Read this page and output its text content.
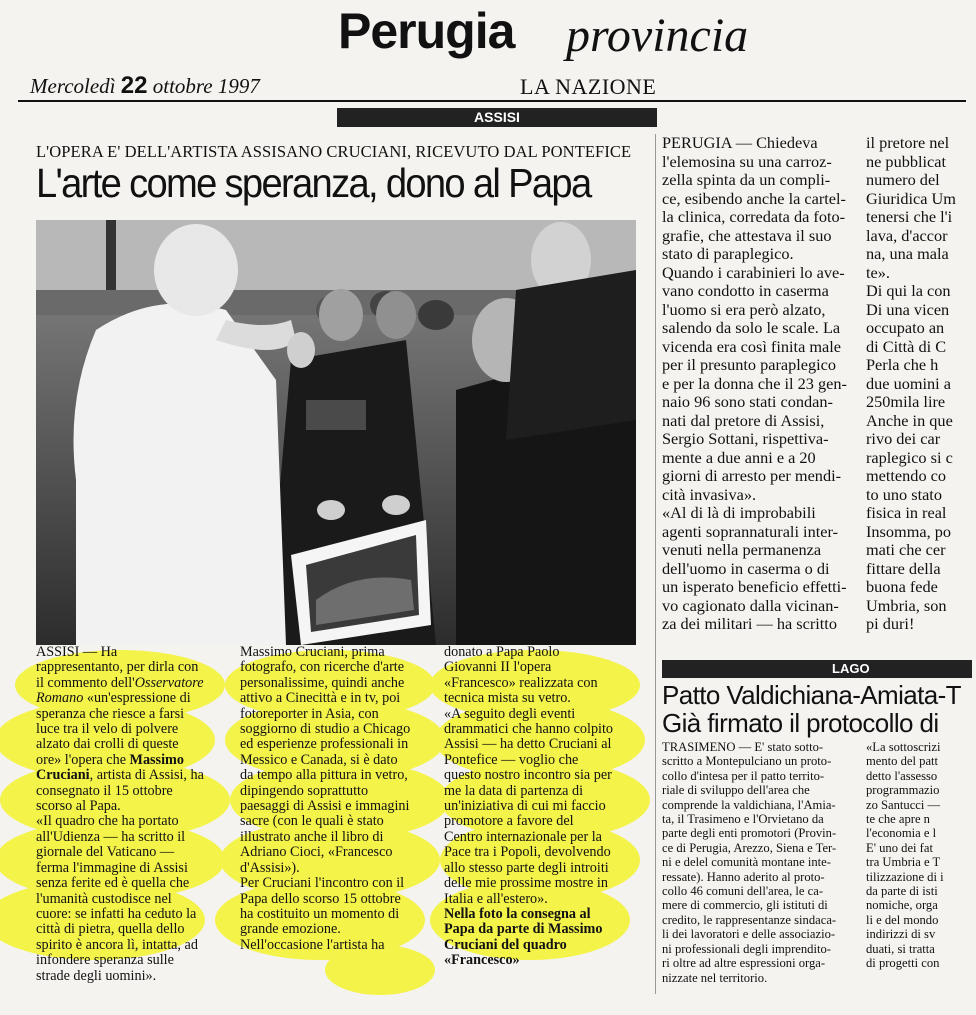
Perugia provincia
Mercoledì 22 ottobre 1997	LA NAZIONE
ASSISI
L'OPERA E' DELL'ARTISTA ASSISANO CRUCIANI, RICEVUTO DAL PONTEFICE
L'arte come speranza, dono al Papa

ASSISI — Ha

rappresentanto, per dirla con

il commento dell'Osservatore

Romano «un'espressione di

speranza che riesce a farsi

luce tra il velo di polvere

alzato dai crolli di queste

ore» l'opera che Massimo

Cruciani, artista di Assisi, ha

consegnato il 15 ottobre

scorso al Papa.

«Il quadro che ha portato

all'Udienza — ha scritto il

giornale del Vaticano —

ferma l'immagine di Assisi

senza ferite ed è quella che

l'umanità custodisce nel

cuore: se infatti ha ceduto la

città di pietra, quella dello

spirito è ancora lì, intatta, ad

infondere speranza sulle

strade degli uomini».

Massimo Cruciani, prima

fotografo, con ricerche d'arte

personalissime, quindi anche

attivo a Cinecittà e in tv, poi

fotoreporter in Asia, con

soggiorno di studio a Chicago

ed esperienze professionali in

Messico e Canada, si è dato

da tempo alla pittura in vetro,

dipingendo soprattutto

paesaggi di Assisi e immagini

sacre (con le quali è stato

illustrato anche il libro di

Adriano Cioci, «Francesco

d'Assisi»).

Per Cruciani l'incontro con il

Papa dello scorso 15 ottobre

ha costituito un momento di

grande emozione.

Nell'occasione l'artista ha

donato a Papa Paolo

Giovanni II l'opera

«Francesco» realizzata con

tecnica mista su vetro.

«A seguito degli eventi

drammatici che hanno colpito

Assisi — ha detto Cruciani al

Pontefice — voglio che

questo nostro incontro sia per

me la data di partenza di

un'iniziativa di cui mi faccio

promotore a favore del

Centro internazionale per la

Pace tra i Popoli, devolvendo

allo stesso parte degli introiti

delle mie prossime mostre in

Italia e all'estero».

Nella foto la consegna al

Papa da parte di Massimo

Cruciani del quadro

«Francesco»

PERUGIA — Chiedeva

l'elemosina su una carroz-

zella spinta da un compli-

ce, esibendo anche la cartel-

la clinica, corredata da foto-

grafie, che attestava il suo

stato di paraplegico.

Quando i carabinieri lo ave-

vano condotto in caserma

l'uomo si era però alzato,

salendo da solo le scale. La

vicenda era così finita male

per il presunto paraplegico

e per la donna che il 23 gen-

naio 96 sono stati condan-

nati dal pretore di Assisi,

Sergio Sottani, rispettiva-

mente a due anni e a 20

giorni di arresto per mendi-

cità invasiva».

«Al di là di improbabili

agenti soprannaturali inter-

venuti nella permanenza

dell'uomo in caserma o di

un isperato beneficio effetti-

vo cagionato dalla vicinan-

za dei militari — ha scritto

il pretore nel

ne pubblicat

numero del

Giuridica Um

tenersi che l'i

lava, d'accor

na, una mala

te».

Di qui la con

Di una vicen

occupato an

di Città di C

Perla che h

due uomini a

250mila lire

Anche in que

rivo dei car

raplegico si c

mettendo co

to uno stato

fisica in real

Insomma, po

mati che cer

fittare della

buona fede

Umbria, son

pi duri!

LAGO
Patto Valdichiana-Amiata-T
Già firmato il protocollo di

TRASIMENO — E' stato sotto-

scritto a Montepulciano un proto-

collo d'intesa per il patto territo-

riale di sviluppo dell'area che

comprende la valdichiana, l'Amia-

ta, il Trasimeno e l'Orvietano da

parte degli enti promotori (Provin-

ce di Perugia, Arezzo, Siena e Ter-

ni e delel comunità montane inte-

ressate). Hanno aderito al proto-

collo 46 comuni dell'area, le ca-

mere di commercio, gli istituti di

credito, le rappresentanze sindaca-

li dei lavoratori e delle associazio-

ni professionali degli imprendito-

ri oltre ad altre espressioni orga-

nizzate nel territorio.

«La sottoscrizi

mento del patt

detto l'assesso

programmazio

zo Santucci —

te che apre n

l'economia e l

E' uno dei fat

tra Umbria e T

tilizzazione di i

da parte di isti

nomiche, orga

li e del mondo

indirizzi di sv

duati, si tratta

di progetti con
